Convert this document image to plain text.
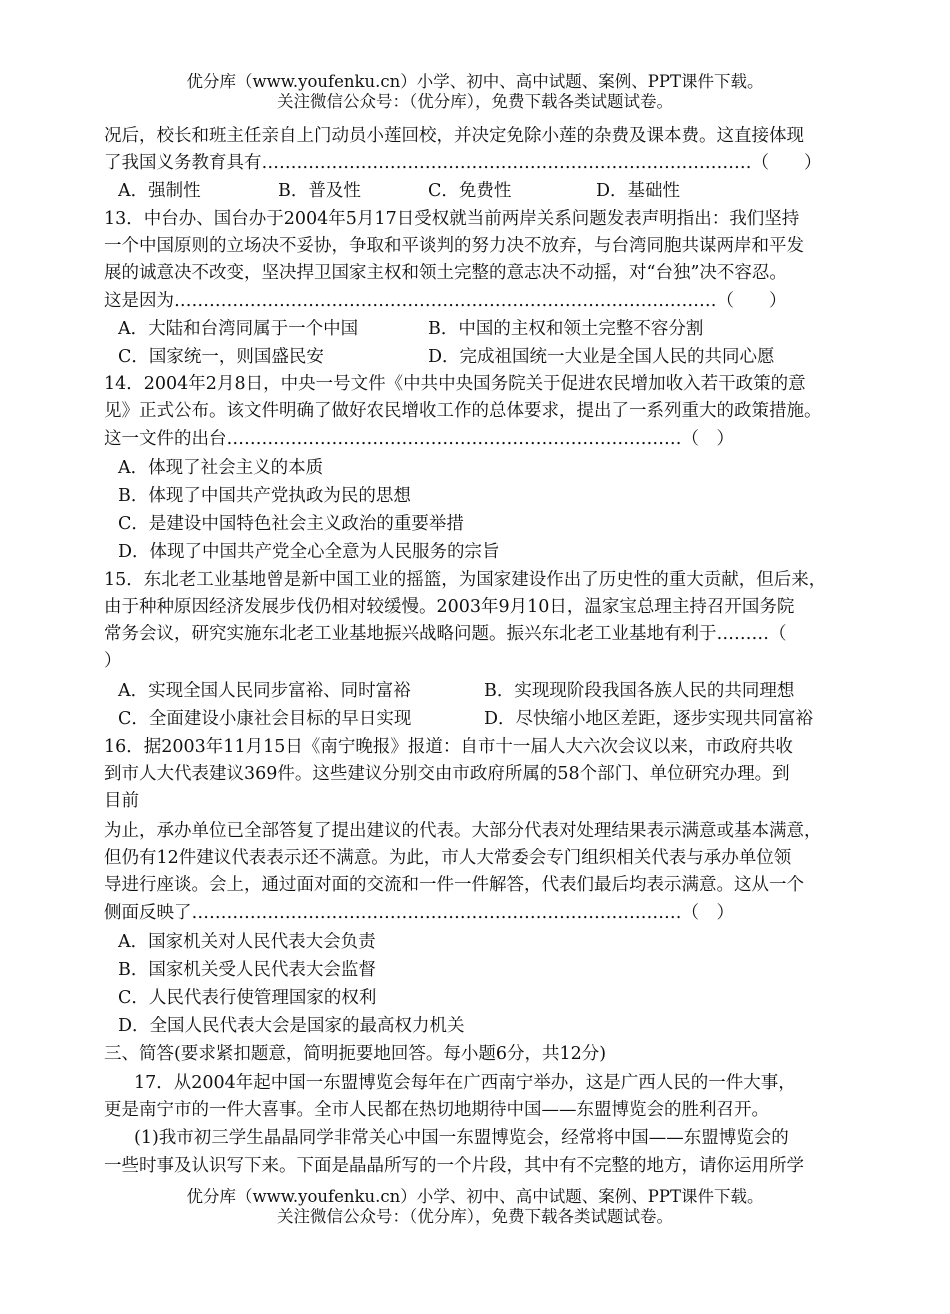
优分库（www.youfenku.cn）小学、初中、高中试题、案例、PPT课件下载。
关注微信公众号：（优分库），免费下载各类试题试卷。
况后，校长和班主任亲自上门动员小莲回校，并决定免除小莲的杂费及课本费。这直接体现
了我国义务教育具有…………………………………………………………………………（　　）
A．强制性	B．普及性	C．免费性	D．基础性
13．中台办、国台办于2004年5月17日受权就当前两岸关系问题发表声明指出：我们坚持
一个中国原则的立场决不妥协，争取和平谈判的努力决不放弃，与台湾同胞共谋两岸和平发
展的诚意决不改变，坚决捍卫国家主权和领土完整的意志决不动摇，对“台独”决不容忍。
这是因为…………………………………………………………………………………（　　）
A．大陆和台湾同属于一个中国	B．中国的主权和领土完整不容分割
C．国家统一，则国盛民安	D．完成祖国统一大业是全国人民的共同心愿
14．2004年2月8日，中央一号文件《中共中央国务院关于促进农民增加收入若干政策的意
见》正式公布。该文件明确了做好农民增收工作的总体要求，提出了一系列重大的政策措施。
这一文件的出台……………………………………………………………………（　）
A．体现了社会主义的本质
B．体现了中国共产党执政为民的思想
C．是建设中国特色社会主义政治的重要举措
D．体现了中国共产党全心全意为人民服务的宗旨
15．东北老工业基地曾是新中国工业的摇篮，为国家建设作出了历史性的重大贡献，但后来，
由于种种原因经济发展步伐仍相对较缓慢。2003年9月10日，温家宝总理主持召开国务院
常务会议，研究实施东北老工业基地振兴战略问题。振兴东北老工业基地有利于………（
）
A．实现全国人民同步富裕、同时富裕	B．实现现阶段我国各族人民的共同理想
C．全面建设小康社会目标的早日实现	D．尽快缩小地区差距，逐步实现共同富裕
16．据2003年11月15日《南宁晚报》报道：自市十一届人大六次会议以来，市政府共收
到市人大代表建议369件。这些建议分别交由市政府所属的58个部门、单位研究办理。到
目前
为止，承办单位已全部答复了提出建议的代表。大部分代表对处理结果表示满意或基本满意，
但仍有12件建议代表表示还不满意。为此，市人大常委会专门组织相关代表与承办单位领
导进行座谈。会上，通过面对面的交流和一件一件解答，代表们最后均表示满意。这从一个
侧面反映了…………………………………………………………………………（　）
A．国家机关对人民代表大会负责
B．国家机关受人民代表大会监督
C．人民代表行使管理国家的权利
D．全国人民代表大会是国家的最高权力机关
三、简答(要求紧扣题意，简明扼要地回答。每小题6分，共12分)
17．从2004年起中国一东盟博览会每年在广西南宁举办，这是广西人民的一件大事，
更是南宁市的一件大喜事。全市人民都在热切地期待中国——东盟博览会的胜利召开。
(1)我市初三学生晶晶同学非常关心中国一东盟博览会，经常将中国——东盟博览会的
一些时事及认识写下来。下面是晶晶所写的一个片段，其中有不完整的地方，请你运用所学
优分库（www.youfenku.cn）小学、初中、高中试题、案例、PPT课件下载。
关注微信公众号：（优分库），免费下载各类试题试卷。
